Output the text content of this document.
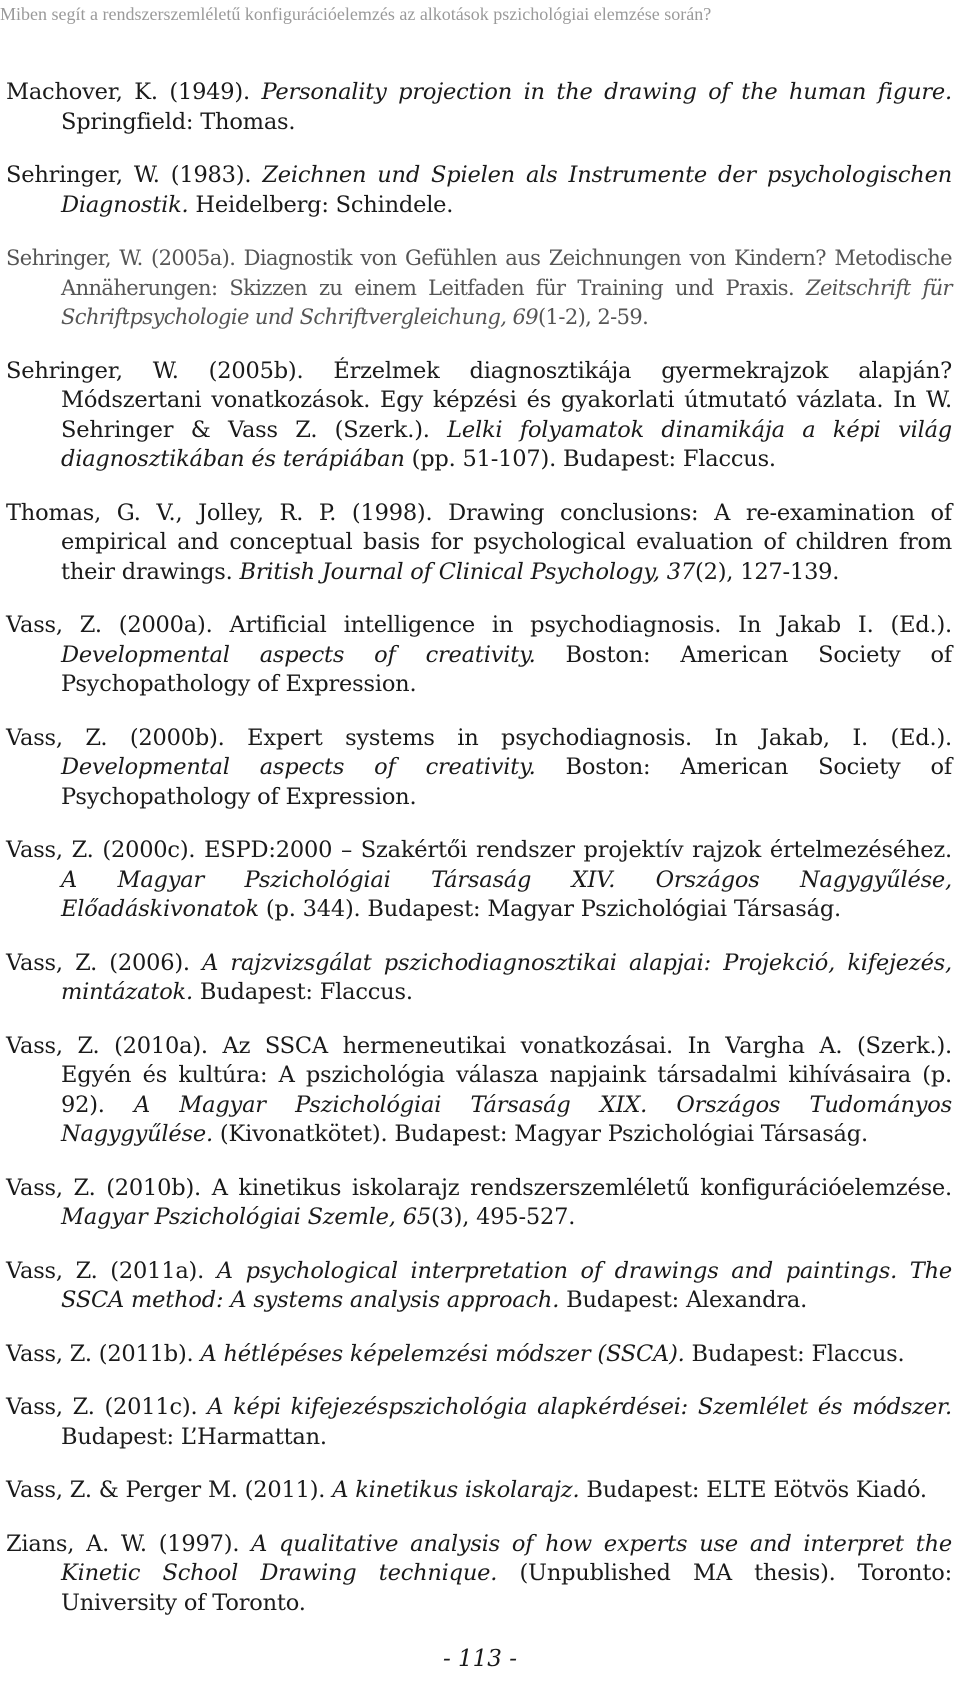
Miben segít a rendszerszemléletű konfigurációelemzés az alkotások pszichológiai elemzése során?

Machover, K. (1949). Personality projection in the drawing of the human figure. Springfield: Thomas.

Sehringer, W. (1983). Zeichnen und Spielen als Instrumente der psychologischen Diagnostik. Heidelberg: Schindele.

Sehringer, W. (2005a). Diagnostik von Gefühlen aus Zeichnungen von Kindern? Metodische Annäherungen: Skizzen zu einem Leitfaden für Training und Praxis. Zeitschrift für Schriftpsychologie und Schriftvergleichung, 69(1-2), 2-59.

Sehringer, W. (2005b). Érzelmek diagnosztikája gyermekrajzok alapján? Módszertani vonatkozások. Egy képzési és gyakorlati útmutató vázlata. In W. Sehringer & Vass Z. (Szerk.). Lelki folyamatok dinamikája a képi világ diagnosztikában és terápiában (pp. 51-107). Budapest: Flaccus.

Thomas, G. V., Jolley, R. P. (1998). Drawing conclusions: A re-examination of empirical and conceptual basis for psychological evaluation of children from their drawings. British Journal of Clinical Psychology, 37(2), 127-139.

Vass, Z. (2000a). Artificial intelligence in psychodiagnosis. In Jakab I. (Ed.). Developmental aspects of creativity. Boston: American Society of Psychopathology of Expression.

Vass, Z. (2000b). Expert systems in psychodiagnosis. In Jakab, I. (Ed.). Developmental aspects of creativity. Boston: American Society of Psychopathology of Expression.

Vass, Z. (2000c). ESPD:2000 – Szakértői rendszer projektív rajzok értelmezéséhez. A Magyar Pszichológiai Társaság XIV. Országos Nagygyűlése, Előadáskivonatok (p. 344). Budapest: Magyar Pszichológiai Társaság.

Vass, Z. (2006). A rajzvizsgálat pszichodiagnosztikai alapjai: Projekció, kifejezés, mintázatok. Budapest: Flaccus.

Vass, Z. (2010a). Az SSCA hermeneutikai vonatkozásai. In Vargha A. (Szerk.). Egyén és kultúra: A pszichológia válasza napjaink társadalmi kihívásaira (p. 92). A Magyar Pszichológiai Társaság XIX. Országos Tudományos Nagygyűlése. (Kivonatkötet). Budapest: Magyar Pszichológiai Társaság.

Vass, Z. (2010b). A kinetikus iskolarajz rendszerszemléletű konfigurációelemzése. Magyar Pszichológiai Szemle, 65(3), 495-527.

Vass, Z. (2011a). A psychological interpretation of drawings and paintings. The SSCA method: A systems analysis approach. Budapest: Alexandra.

Vass, Z. (2011b). A hétlépéses képelemzési módszer (SSCA). Budapest: Flaccus.

Vass, Z. (2011c). A képi kifejezéspszichológia alapkérdései: Szemlélet és módszer. Budapest: L’Harmattan.

Vass, Z. & Perger M. (2011). A kinetikus iskolarajz. Budapest: ELTE Eötvös Kiadó.

Zians, A. W. (1997). A qualitative analysis of how experts use and interpret the Kinetic School Drawing technique. (Unpublished MA thesis). Toronto: University of Toronto.

- 113 -
